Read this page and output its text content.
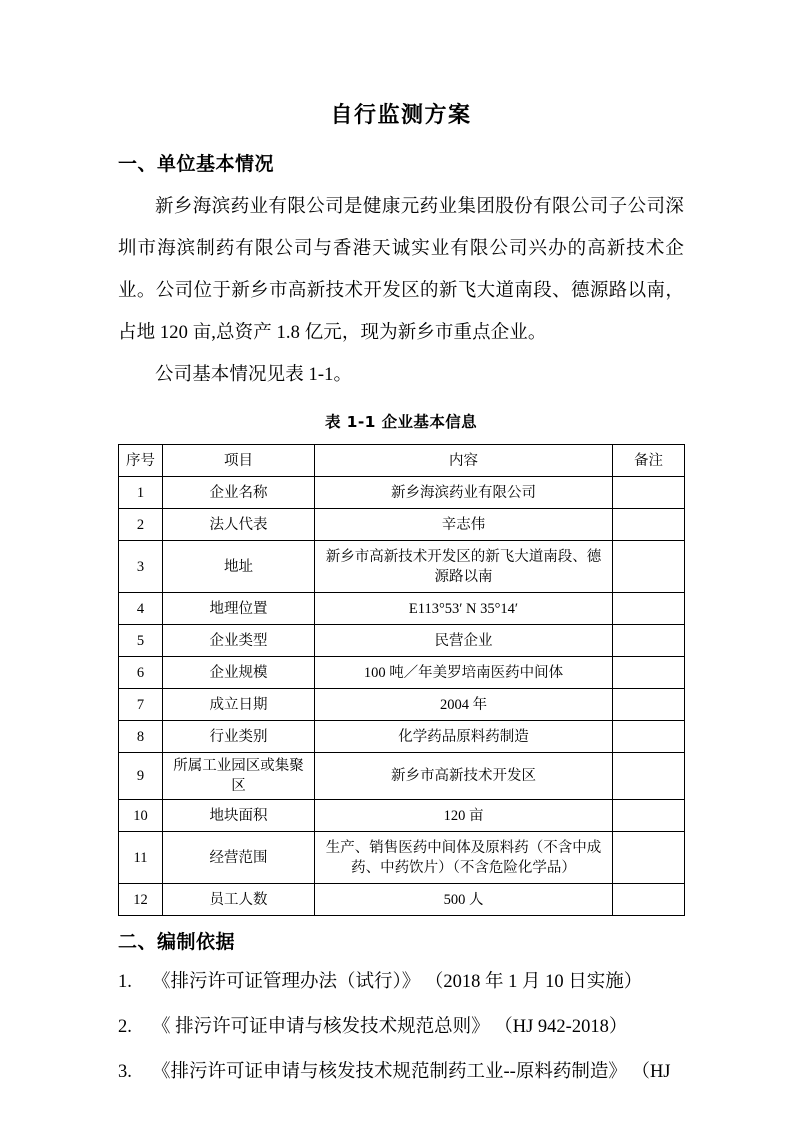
自行监测方案
一、单位基本情况

新乡海滨药业有限公司是健康元药业集团股份有限公司子公司深圳市海滨制药有限公司与香港天诚实业有限公司兴办的高新技术企业。公司位于新乡市高新技术开发区的新飞大道南段、德源路以南，占地 120 亩,总资产 1.8 亿元，现为新乡市重点企业。

公司基本情况见表 1-1。

表 1-1 企业基本信息

序号	项目	内容	备注
1	企业名称	新乡海滨药业有限公司	
2	法人代表	辛志伟	
3	地址	新乡市高新技术开发区的新飞大道南段、德源路以南	
4	地理位置	E113°53′ N 35°14′	
5	企业类型	民营企业	
6	企业规模	100 吨／年美罗培南医药中间体	
7	成立日期	2004 年	
8	行业类别	化学药品原料药制造	
9	所属工业园区或集聚区	新乡市高新技术开发区	
10	地块面积	120 亩	
11	经营范围	生产、销售医药中间体及原料药（不含中成药、中药饮片）（不含危险化学品）	
12	员工人数	500 人	
二、编制依据
1.	《排污许可证管理办法（试行）》 （2018 年 1 月 10 日实施）
2.	《 排污许可证申请与核发技术规范总则》 （HJ 942-2018）
3.	《排污许可证申请与核发技术规范制药工业--原料药制造》 （HJ
